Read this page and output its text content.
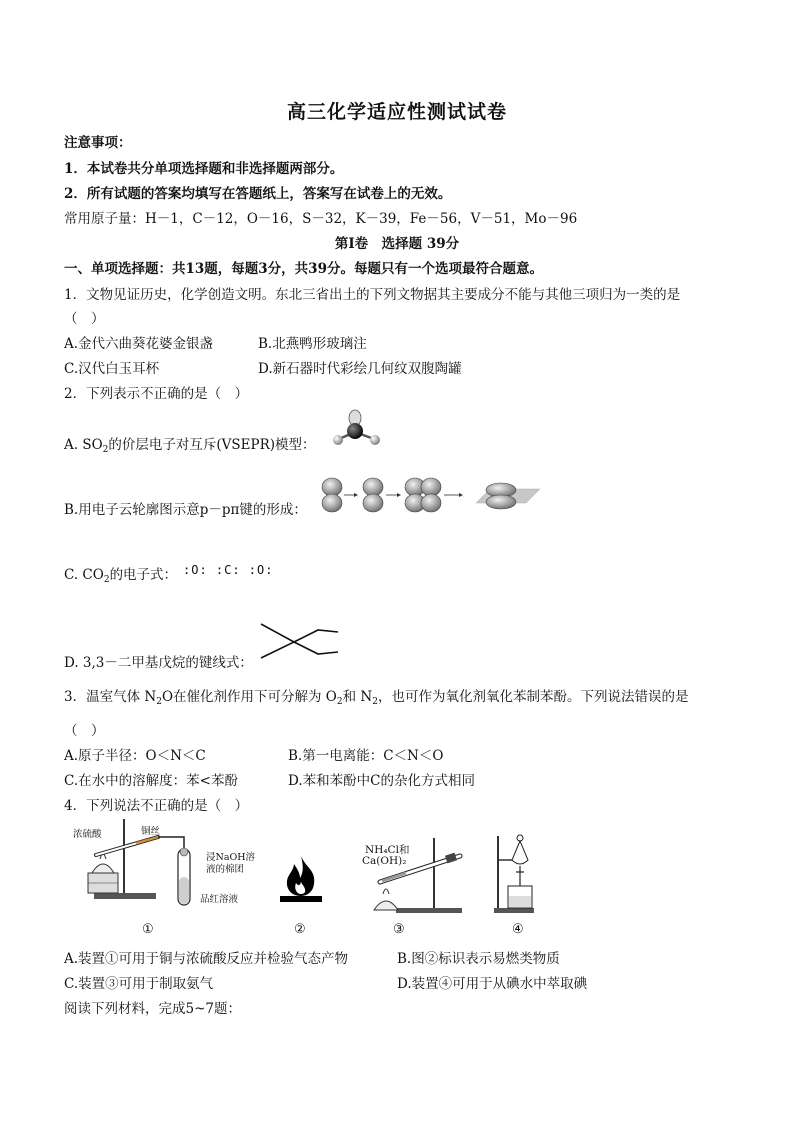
高三化学适应性测试试卷
注意事项：
1．本试卷共分单项选择题和非选择题两部分。
2．所有试题的答案均填写在答题纸上，答案写在试卷上的无效。
常用原子量：H－1，C－12，O－16，S－32，K－39，Fe－56，V－51，Mo－96
第Ⅰ卷　选择题 39分
一、单项选择题：共13题，每题3分，共39分。每题只有一个选项最符合题意。
1．文物见证历史，化学创造文明。东北三省出土的下列文物据其主要成分不能与其他三项归为一类的是
（　）
A.金代六曲葵花婆金银盏	B.北燕鸭形玻璃注
C.汉代白玉耳杯	D.新石器时代彩绘几何纹双腹陶罐
2．下列表示不正确的是（　）
A. $SO_2$的价层电子对互斥(VSEPR)模型：
B.用电子云轮廓图示意p－pπ键的形成：
C. $CO_2$的电子式： :O: :C: :O:
D. 3,3－二甲基戊烷的键线式：
3．温室气体 $N_2O$在催化剂作用下可分解为 $O_2$和 $N_2$，也可作为氧化剂氧化苯制苯酚。下列说法错误的是
（　）
A.原子半径：O＜N＜C	B.第一电离能：C＜N＜O
C.在水中的溶解度：苯<苯酚	D.苯和苯酚中C的杂化方式相同
4．下列说法不正确的是（　）
浓硫酸	铜丝
浸NaOH溶
液的棉团
品红溶液
NH₄Cl和
Ca(OH)₂
①	②	③	④
A.装置①可用于铜与浓硫酸反应并检验气态产物	B.图②标识表示易燃类物质
C.装置③可用于制取氨气	D.装置④可用于从碘水中萃取碘
阅读下列材料，完成5~7题：
